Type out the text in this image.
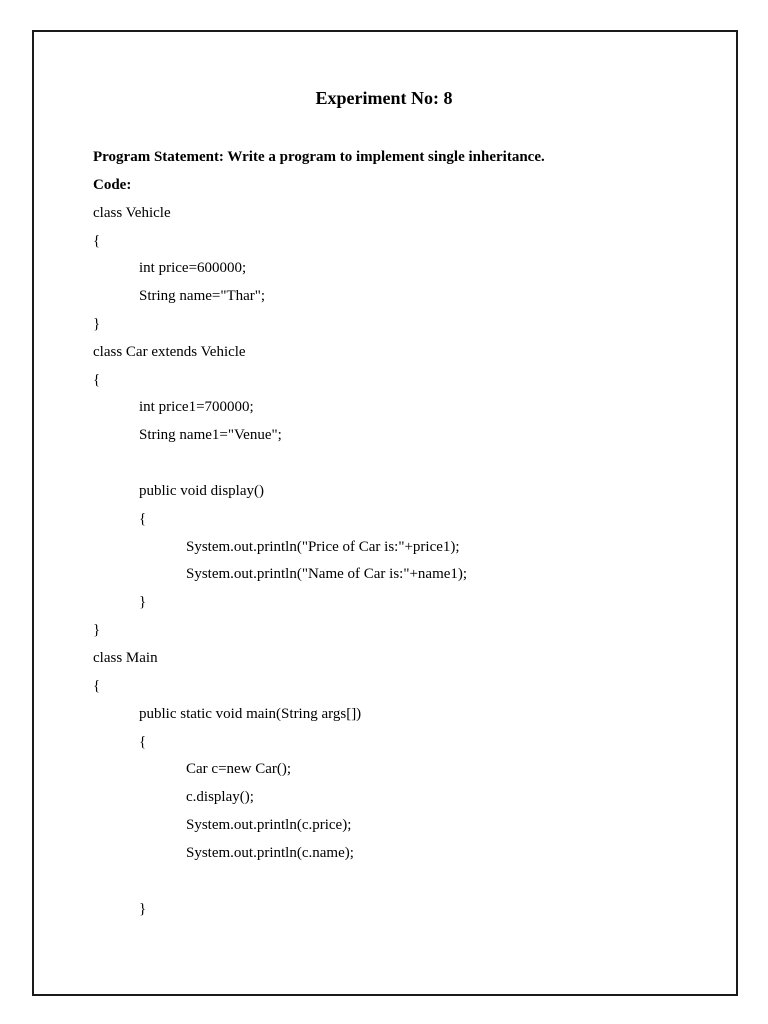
Experiment No: 8
Program Statement: Write a program to implement single inheritance.
Code:
class Vehicle
{
int price=600000;
String name="Thar";
}
class Car extends Vehicle
{
int price1=700000;
String name1="Venue";
public void display()
{
System.out.println("Price of Car is:"+price1);
System.out.println("Name of Car is:"+name1);
}
}
class Main
{
public static void main(String args[])
{
Car c=new Car();
c.display();
System.out.println(c.price);
System.out.println(c.name);
}
